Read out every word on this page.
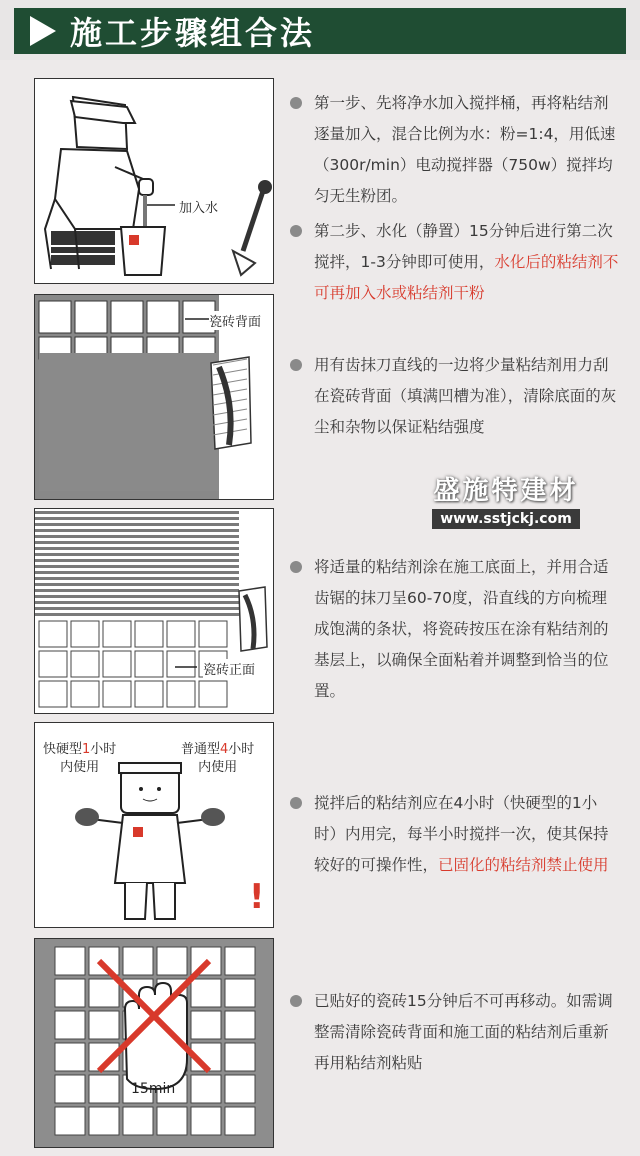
施工步骤组合法
加入水
瓷砖背面
瓷砖正面
快硬型1小时
内使用
普通型4小时
内使用
!
15min

第一步、先将净水加入搅拌桶，再将粘结剂逐量加入，混合比例为水：粉=1:4，用低速（300r/min）电动搅拌器（750w）搅拌均匀无生粉团。

第二步、水化（静置）15分钟后进行第二次搅拌，1-3分钟即可使用，水化后的粘结剂不可再加入水或粘结剂干粉

用有齿抹刀直线的一边将少量粘结剂用力刮在瓷砖背面（填满凹槽为准），清除底面的灰尘和杂物以保证粘结强度

盛施特建材
www.sstjckj.com

将适量的粘结剂涂在施工底面上，并用合适齿锯的抹刀呈60-70度，沿直线的方向梳理成饱满的条状，将瓷砖按压在涂有粘结剂的基层上，以确保全面粘着并调整到恰当的位置。

搅拌后的粘结剂应在4小时（快硬型的1小时）内用完，每半小时搅拌一次，使其保持较好的可操作性，已固化的粘结剂禁止使用

已贴好的瓷砖15分钟后不可再移动。如需调整需清除瓷砖背面和施工面的粘结剂后重新再用粘结剂粘贴
